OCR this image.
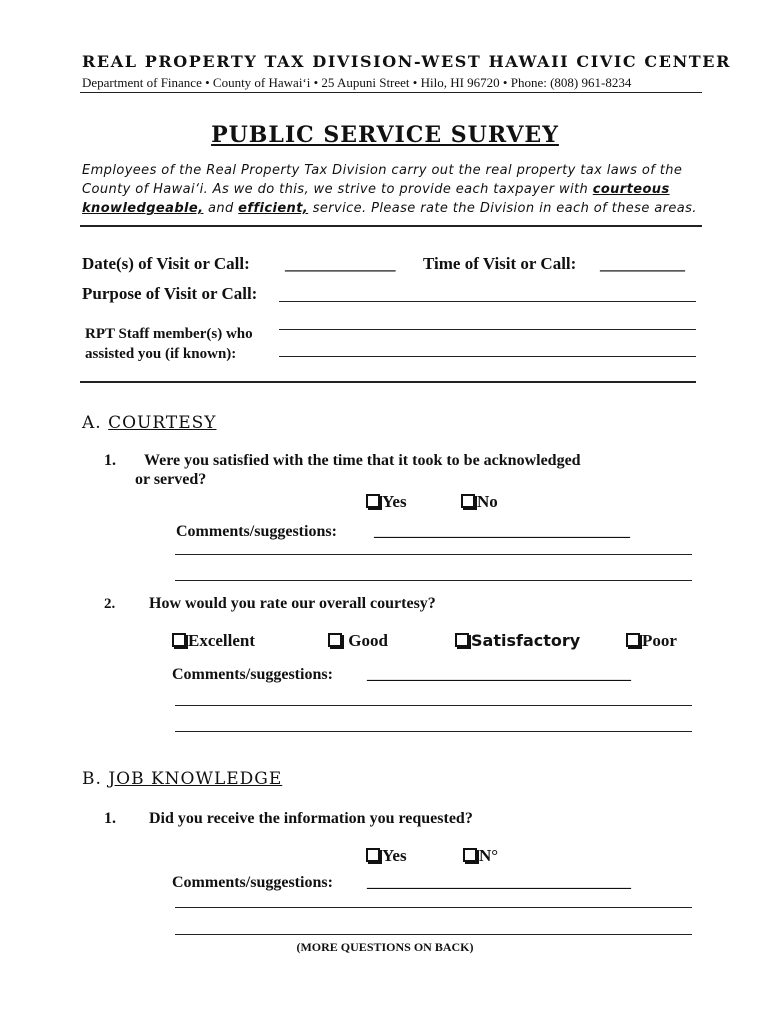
REAL PROPERTY TAX DIVISION-WEST HAWAII CIVIC CENTER
Department of Finance • County of Hawai‘i • 25 Aupuni Street • Hilo, HI 96720 • Phone: (808) 961-8234
PUBLIC SERVICE SURVEY
Employees of the Real Property Tax Division carry out the real property tax laws of the County of Hawai‘i. As we do this, we strive to provide each taxpayer with courteous knowledgeable, and efficient, service. Please rate the Division in each of these areas.
Date(s) of Visit or Call: _____________ Time of Visit or Call: __________
Purpose of Visit or Call:
RPT Staff member(s) who
assisted you (if known):
A. COURTESY
1. Were you satisfied with the time that it took to be acknowledged
or served?
Yes	No
Comments/suggestions: ________________________________
2. How would you rate our overall courtesy?
Excellent	Good	Satisfactory	Poor
Comments/suggestions: _________________________________
B. JOB KNOWLEDGE
1. Did you receive the information you requested?
Yes	N°
Comments/suggestions: _________________________________
(MORE QUESTIONS ON BACK)
